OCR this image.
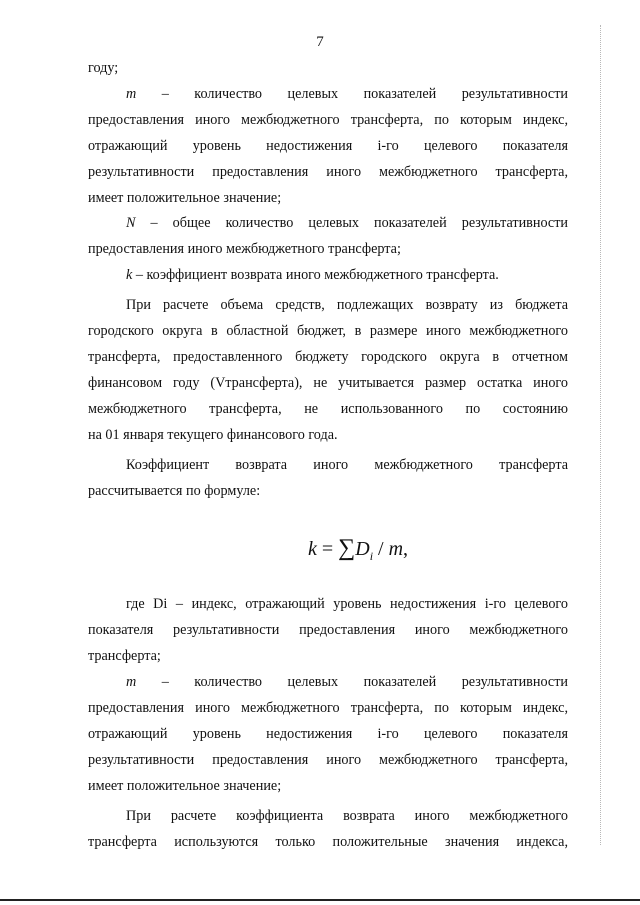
7

году;

m – количество целевых показателей результативности

предоставления иного межбюджетного трансферта, по которым индекс,

отражающий уровень недостижения i-го целевого показателя

результативности предоставления иного межбюджетного трансферта,

имеет положительное значение;

N – общее количество целевых показателей результативности

предоставления иного межбюджетного трансферта;

k – коэффициент возврата иного межбюджетного трансферта.

При расчете объема средств, подлежащих возврату из бюджета

городского округа в областной бюджет, в размере иного межбюджетного

трансферта, предоставленного бюджету городского округа в отчетном

финансовом году (Vтрансферта), не учитывается размер остатка иного

межбюджетного трансферта, не использованного по состоянию

на 01 января текущего финансового года.

Коэффициент возврата иного межбюджетного трансферта

рассчитывается по формуле:

$k = \sum D_i / m$,

где Di – индекс, отражающий уровень недостижения i-го целевого

показателя результативности предоставления иного межбюджетного

трансферта;

m – количество целевых показателей результативности

предоставления иного межбюджетного трансферта, по которым индекс,

отражающий уровень недостижения i-го целевого показателя

результативности предоставления иного межбюджетного трансферта,

имеет положительное значение;

При расчете коэффициента возврата иного межбюджетного

трансферта используются только положительные значения индекса,
